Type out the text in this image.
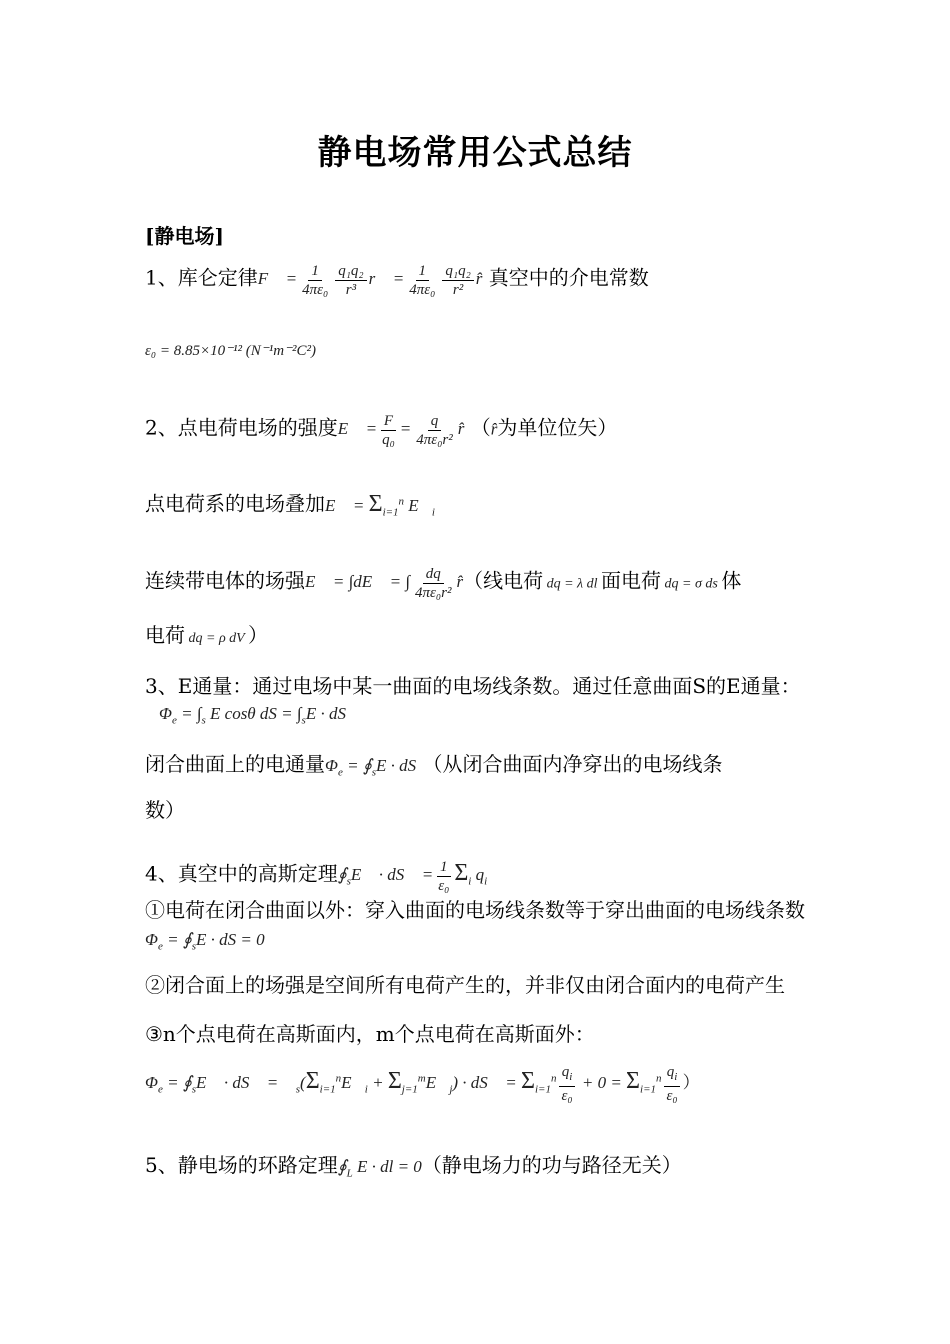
静电场常用公式总结
[静电场]
1、库仑定律F⃗ = $\frac{1}{\text{4πε₀}} \frac{\text{q₁q₂}}{\text{r³}}$ r⃗ = $\frac{1}{\text{4πε₀}} \frac{\text{q₁q₂}}{\text{r²}}$ r̂ 真空中的介电常数
ε₀ = 8.85×10⁻¹² (N⁻¹m⁻²C²)
2、点电荷电场的强度E⃗ = $\frac{F}{\text{q₀}} = \frac{q}{\text{4πε₀r²}}$ r̂ （r̂为单位位矢）
点电荷系的电场叠加E⃗ = $\Sigma_{i=1}^n$ $E⃗_i$
连续带电体的场强E⃗ = ∫dE⃗ = ∫ $\frac{dq}{\text{4πε₀r²}}$ r̂（线电荷 dq = λ dl 面电荷 dq = σ ds 体
电荷 dq = ρ dV ）
3、E通量：通过电场中某一曲面的电场线条数。通过任意曲面S的E通量：$\Phi_e = \int_s$ E cosθ dS = $\int_sE$ · dS
闭合曲面上的电通量$\Phi_e$ = $∮_sE$ · dS （从闭合曲面内净穿出的电场线条
数）
4、真空中的高斯定理$∮_sE⃗$ · dS⃗ = $\frac{1}{\text{ε₀}} \Sigma_i$ $q_i$
①电荷在闭合曲面以外：穿入曲面的电场线条数等于穿出曲面的电场线条数 $\Phi_e$ = $∮_sE$ · dS = 0
②闭合面上的场强是空间所有电荷产生的，并非仅由闭合面内的电荷产生
③n个点电荷在高斯面内，m个点电荷在高斯面外：
$\Phi_e$ = $∮_sE⃗$ · dS⃗ = $∮_s(\Sigma_{i=1}^nE⃗_i$ + $\Sigma_{j=1}^mE⃗_j$) · dS⃗ = $\Sigma_{i=1}^n \frac{q_i}{\text{ε₀}} + 0 = \Sigma_{i=1}^n \frac{q_i}{\text{ε₀}}$ ）
5、静电场的环路定理$∮_L$ E · dl = 0（静电场力的功与路径无关）
